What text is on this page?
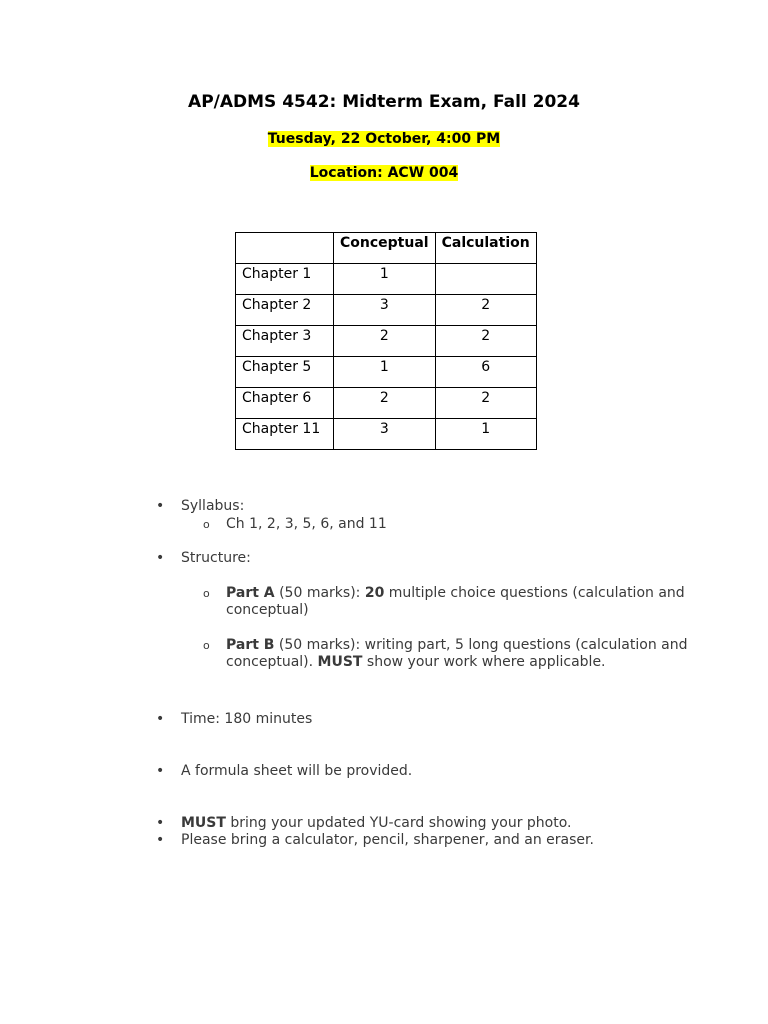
AP/ADMS 4542: Midterm Exam, Fall 2024
Tuesday, 22 October, 4:00 PM
Location: ACW 004
	Conceptual	Calculation
Chapter 1	1	
Chapter 2	3	2
Chapter 3	2	2
Chapter 5	1	6
Chapter 6	2	2
Chapter 11	3	1
• Syllabus:
o Ch 1, 2, 3, 5, 6, and 11
• Structure:
o Part A (50 marks): 20 multiple choice questions (calculation and conceptual)
o Part B (50 marks): writing part, 5 long questions (calculation and conceptual). MUST show your work where applicable.
• Time: 180 minutes
• A formula sheet will be provided.
• MUST bring your updated YU-card showing your photo.
• Please bring a calculator, pencil, sharpener, and an eraser.
